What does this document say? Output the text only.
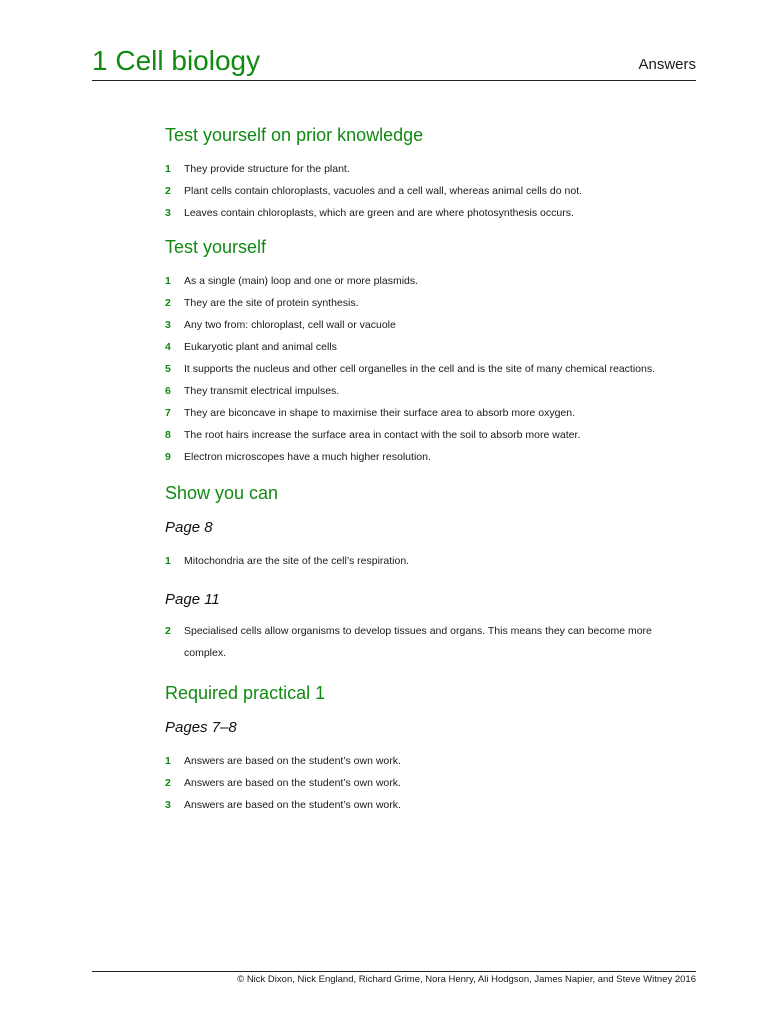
1 Cell biology	Answers
Test yourself on prior knowledge
1 They provide structure for the plant.
2 Plant cells contain chloroplasts, vacuoles and a cell wall, whereas animal cells do not.
3 Leaves contain chloroplasts, which are green and are where photosynthesis occurs.
Test yourself
1 As a single (main) loop and one or more plasmids.
2 They are the site of protein synthesis.
3 Any two from: chloroplast, cell wall or vacuole
4 Eukaryotic plant and animal cells
5 It supports the nucleus and other cell organelles in the cell and is the site of many chemical reactions.
6 They transmit electrical impulses.
7 They are biconcave in shape to maximise their surface area to absorb more oxygen.
8 The root hairs increase the surface area in contact with the soil to absorb more water.
9 Electron microscopes have a much higher resolution.
Show you can
Page 8
1 Mitochondria are the site of the cell’s respiration.
Page 11
2 Specialised cells allow organisms to develop tissues and organs. This means they can become more complex.
Required practical 1
Pages 7–8
1 Answers are based on the student’s own work.
2 Answers are based on the student’s own work.
3 Answers are based on the student’s own work.
© Nick Dixon, Nick England, Richard Grime, Nora Henry, Ali Hodgson, James Napier, and Steve Witney 2016
